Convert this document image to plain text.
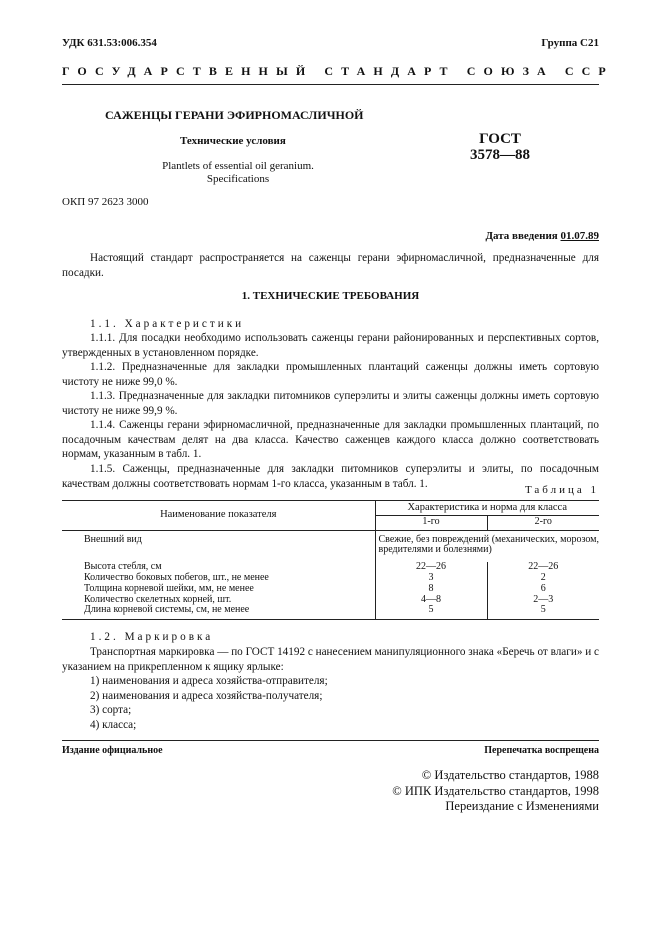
УДК 631.53:006.354	Группа С21
ГОСУДАРСТВЕННЫЙ СТАНДАРТ СОЮЗА ССР
САЖЕНЦЫ ГЕРАНИ ЭФИРНОМАСЛИЧНОЙ
Технические условия
Plantlets of essential oil geranium.
Specifications
ГОСТ
3578—88
ОКП 97 2623 3000
Дата введения 01.07.89
Настоящий стандарт распространяется на саженцы герани эфирномасличной, предназначенные для посадки.
1. ТЕХНИЧЕСКИЕ ТРЕБОВАНИЯ
1.1. Характеристики
1.1.1. Для посадки необходимо использовать саженцы герани районированных и перспективных сортов, утвержденных в установленном порядке.
1.1.2. Предназначенные для закладки промышленных плантаций саженцы должны иметь сортовую чистоту не ниже 99,0 %.
1.1.3. Предназначенные для закладки питомников суперэлиты и элиты саженцы должны иметь сортовую чистоту не ниже 99,9 %.
1.1.4. Саженцы герани эфирномасличной, предназначенные для закладки промышленных плантаций, по посадочным качествам делят на два класса. Качество саженцев каждого класса должно соответствовать нормам, указанным в табл. 1.
1.1.5. Саженцы, предназначенные для закладки питомников суперэлиты и элиты, по посадочным качествам должны соответствовать нормам 1-го класса, указанным в табл. 1.
Таблица 1
Наименование показателя	Характеристика и норма для класса	
	1-го	2-го
Внешний вид	Свежие, без повреждений (механических, морозом, вредителями и болезнями)	
Высота стебля, см	22—26	22—26
Количество боковых побегов, шт., не менее	3	2
Толщина корневой шейки, мм, не менее	8	6
Количество скелетных корней, шт.	4—8	2—3
Длина корневой системы, см, не менее	5	5
1.2. Маркировка
Транспортная маркировка — по ГОСТ 14192 с нанесением манипуляционного знака «Беречь от влаги» и с указанием на прикрепленном к ящику ярлыке:
1) наименования и адреса хозяйства-отправителя;
2) наименования и адреса хозяйства-получателя;
3) сорта;
4) класса;
Издание официальное	Перепечатка воспрещена
© Издательство стандартов, 1988
© ИПК Издательство стандартов, 1998
Переиздание с Изменениями
